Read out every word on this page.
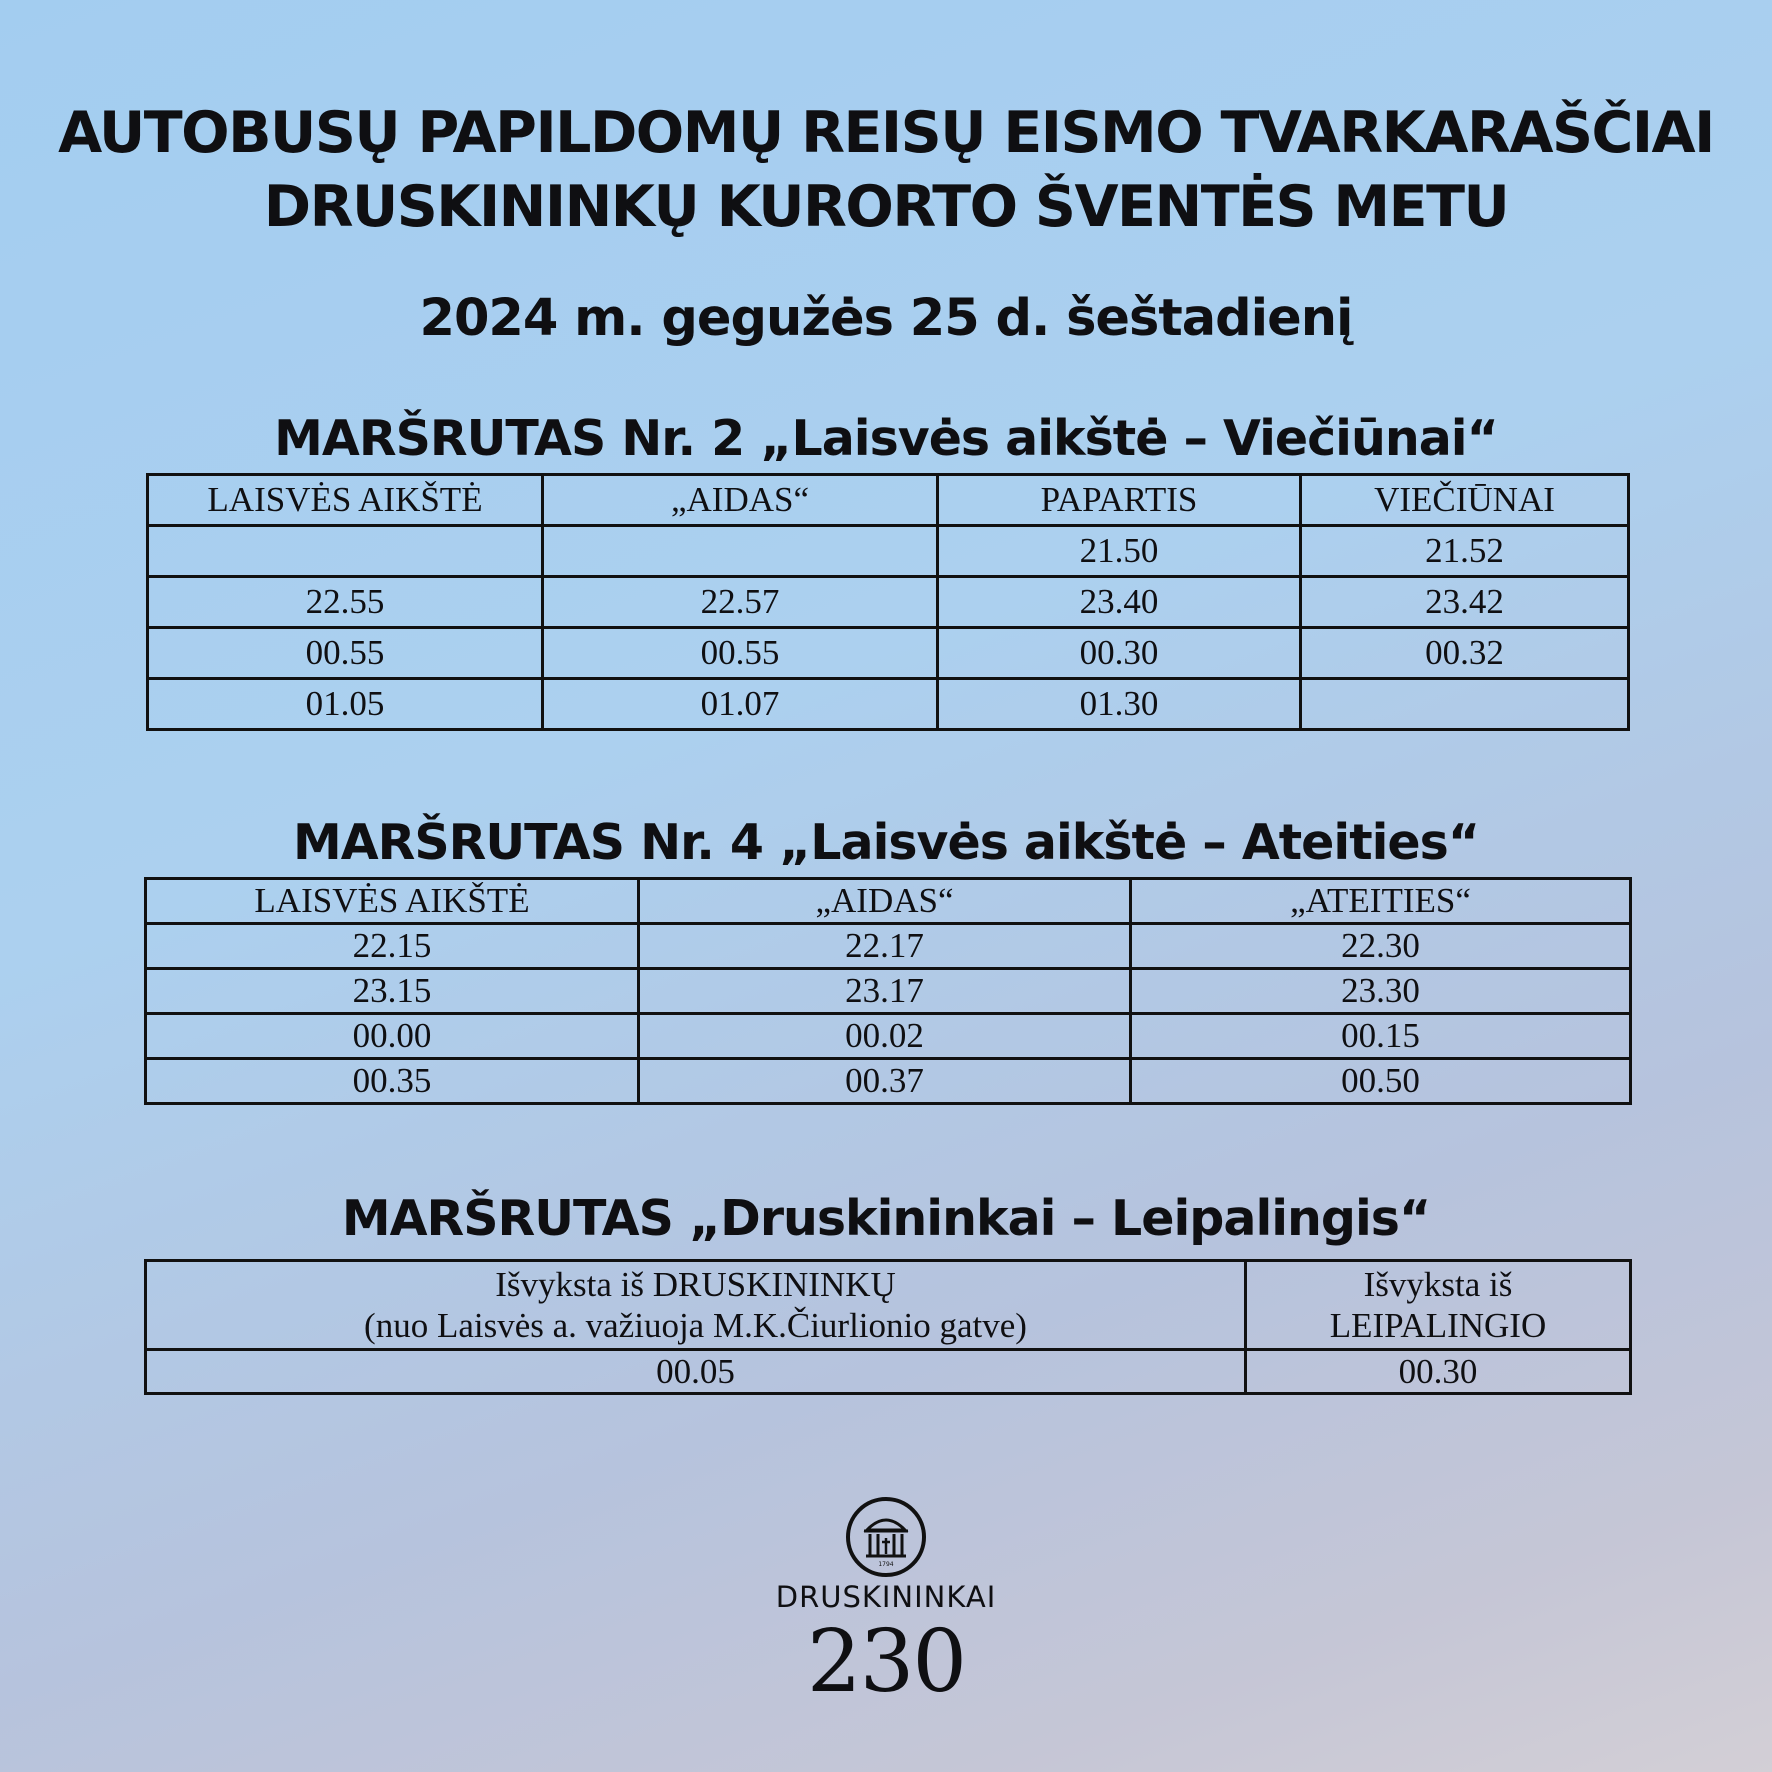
AUTOBUSŲ PAPILDOMŲ REISŲ EISMO TVARKARAŠČIAI
DRUSKININKŲ KURORTO ŠVENTĖS METU
2024 m. gegužės 25 d. šeštadienį
MARŠRUTAS Nr. 2 „Laisvės aikštė – Viečiūnai“
LAISVĖS AIKŠTĖ	„AIDAS“	PAPARTIS	VIEČIŪNAI
		21.50	21.52
22.55	22.57	23.40	23.42
00.55	00.55	00.30	00.32
01.05	01.07	01.30	
MARŠRUTAS Nr. 4 „Laisvės aikštė – Ateities“
LAISVĖS AIKŠTĖ	„AIDAS“	„ATEITIES“
22.15	22.17	22.30
23.15	23.17	23.30
00.00	00.02	00.15
00.35	00.37	00.50
MARŠRUTAS „Druskininkai – Leipalingis“
Išvyksta iš DRUSKININKŲ
(nuo Laisvės a. važiuoja M.K.Čiurlionio gatve)	Išvyksta iš
LEIPALINGIO
00.05	00.30
1794
DRUSKININKAI
230
